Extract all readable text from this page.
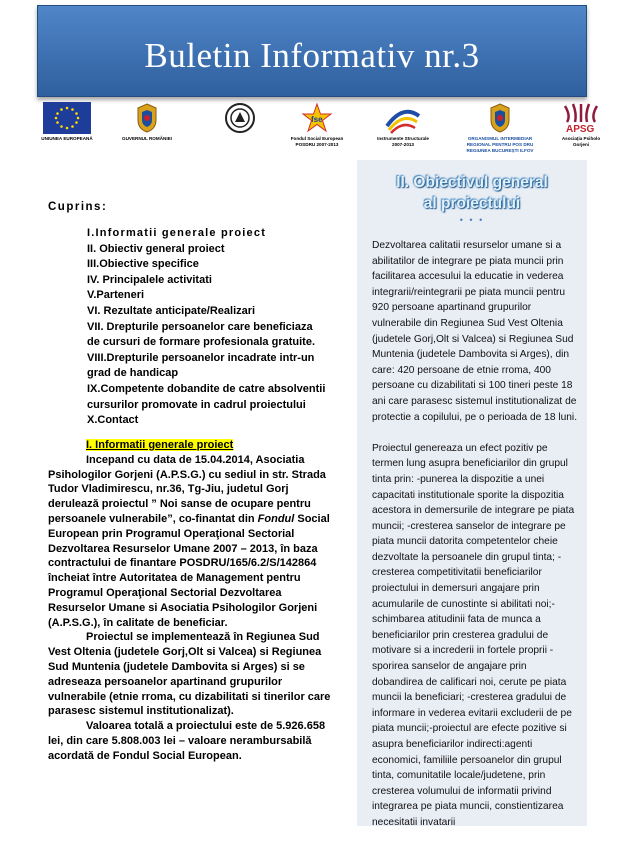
Buletin Informativ nr.3
UNIUNEA EUROPEANĂ	GUVERNUL ROMÂNIEI
fse
Fondul Social European
POSDRU 2007-2013
Instrumente Structurale
2007-2013
ORGANISMUL INTERMEDIAR
REGIONAL PENTRU POS DRU
REGIUNEA BUCUREȘTI ILFOV
APSG
Asociaţia Psiholo
Gorjeni
Cuprins:
I.Informatii generale proiect
II. Obiectiv general proiect
III.Obiective specifice
IV. Principalele activitati
V.Parteneri
VI. Rezultate anticipate/Realizari
VII. Drepturile persoanelor care beneficiaza
de cursuri de formare profesionala gratuite.
VIII.Drepturile persoanelor incadrate intr-un
grad de handicap
IX.Competente dobandite de catre absolventii
cursurilor promovate in cadrul proiectului
X.Contact
I. Informatii generale proiect

Incepand cu data de 15.04.2014, Asociatia Psihologilor Gorjeni (A.P.S.G.) cu sediul in str. Strada Tudor Vladimirescu, nr.36, Tg-Jiu, judetul Gorj derulează proiectul ” Noi sanse de ocupare pentru persoanele vulnerabile”, co-finantat din Fondul Social European prin Programul Operaţional Sectorial Dezvoltarea Resurselor Umane 2007 – 2013, în baza contractului de finantare POSDRU/165/6.2/S/142864 încheiat între Autoritatea de Management pentru Programul Operaţional Sectorial Dezvoltarea Resurselor Umane si Asociatia Psihologilor Gorjeni (A.P.S.G.), în calitate de beneficiar.

Proiectul se implementează în Regiunea Sud Vest Oltenia (judetele Gorj,Olt si Valcea) si Regiunea Sud Muntenia (judetele Dambovita si Arges) si se adreseaza persoanelor apartinand grupurilor vulnerabile (etnie rroma, cu dizabilitati si tinerilor care parasesc sistemul institutionalizat).

Valoarea totală a proiectului este de 5.926.658 lei, din care 5.808.003 lei – valoare nerambursabilă acordată de Fondul Social European.

II. Obiectivul general
al proiectului
• • •

Dezvoltarea calitatii resurselor umane si a abilitatilor de integrare pe piata muncii prin facilitarea accesului la educatie in vederea integrarii/reintegrarii pe piata muncii pentru 920 persoane apartinand grupurilor vulnerabile din Regiunea Sud Vest Oltenia (judetele Gorj,Olt si Valcea) si Regiunea Sud Muntenia (judetele Dambovita si Arges), din care: 420 persoane de etnie rroma, 400 persoane cu dizabilitati si 100 tineri peste 18 ani care parasesc sistemul institutionalizat de protectie a copilului, pe o perioada de 18 luni.

Proiectul genereaza un efect pozitiv pe termen lung asupra beneficiarilor din grupul tinta prin: -punerea la dispozitie a unei capacitati institutionale sporite la dispozitia acestora in demersurile de integrare pe piata muncii; -cresterea sanselor de integrare pe piata muncii datorita competentelor cheie dezvoltate la persoanele din grupul tinta; - cresterea competitivitatii beneficiarilor proiectului in demersuri angajare prin acumularile de cunostinte si abilitati noi;-schimbarea atitudinii fata de munca a beneficiarilor prin cresterea gradului de motivare si a increderii in fortele proprii - sporirea sanselor de angajare prin dobandirea de calificari noi, cerute pe piata muncii la beneficiari; -cresterea gradului de informare in vederea evitarii excluderii de pe piata muncii;-proiectul are efecte pozitive si asupra beneficiarilor indirecti:agenti economici, familiile persoanelor din grupul tinta, comunitatile locale/judetene, prin cresterea volumului de informatii privind integrarea pe piata muncii, constientizarea necesitatii invatarii
